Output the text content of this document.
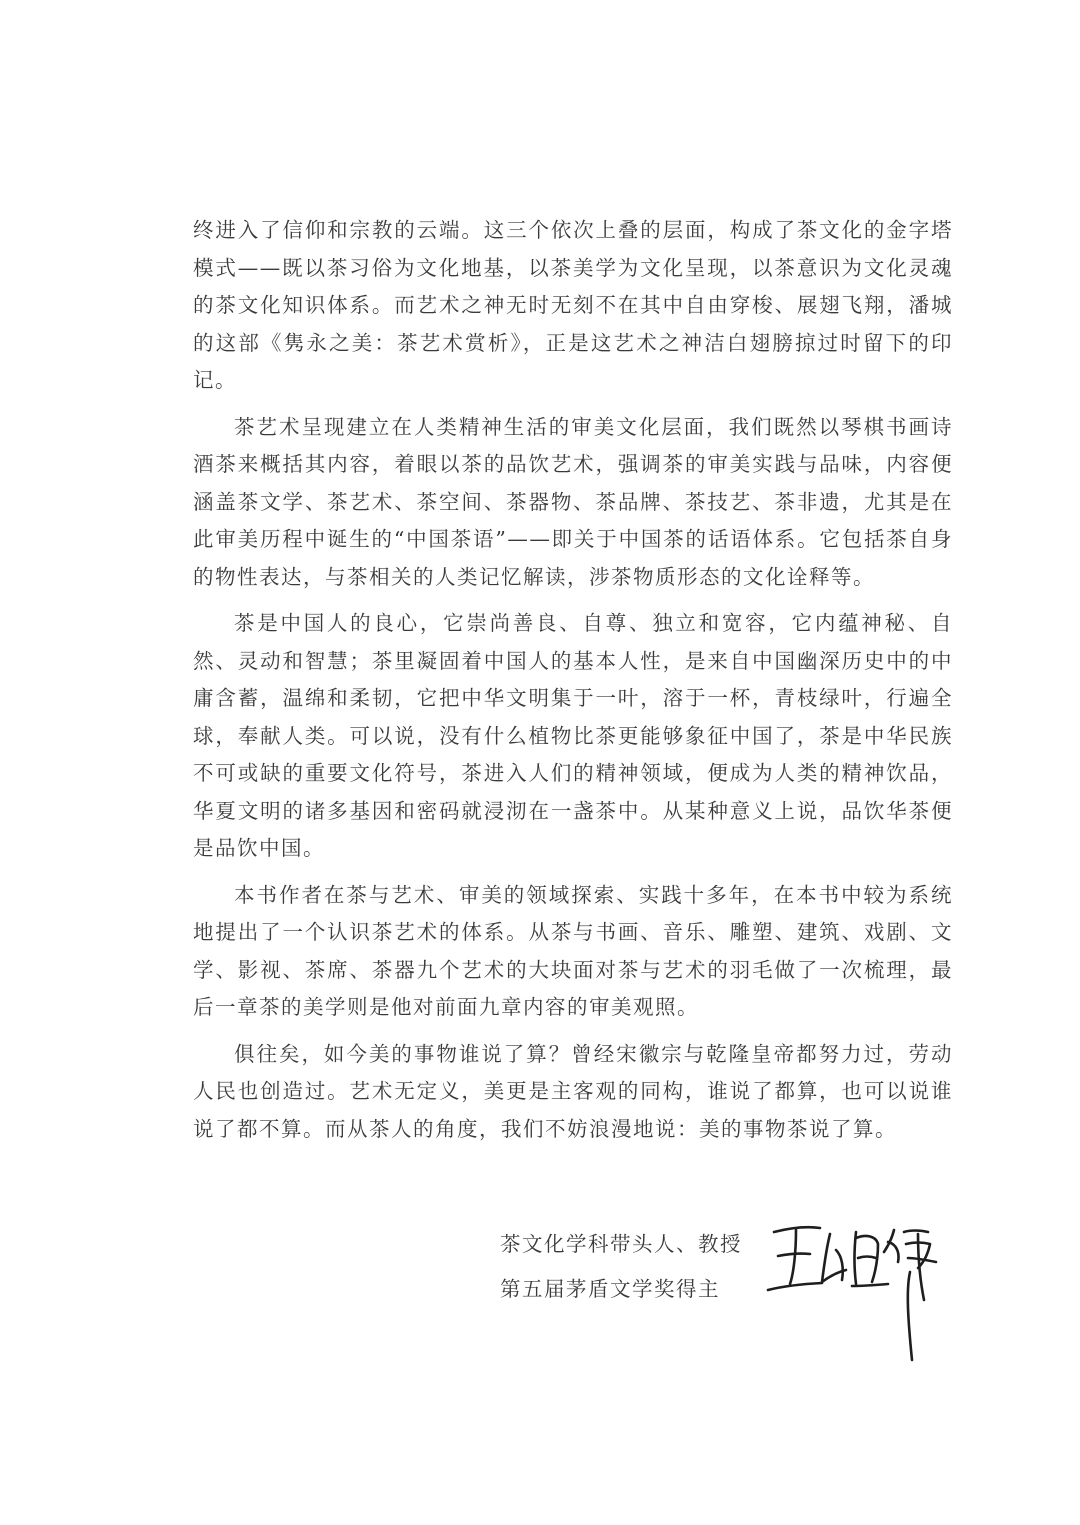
终进入了信仰和宗教的云端。这三个依次上叠的层面，构成了茶文化的金字塔模式——既以茶习俗为文化地基，以茶美学为文化呈现，以茶意识为文化灵魂的茶文化知识体系。而艺术之神无时无刻不在其中自由穿梭、展翅飞翔，潘城的这部《隽永之美：茶艺术赏析》，正是这艺术之神洁白翅膀掠过时留下的印记。

茶艺术呈现建立在人类精神生活的审美文化层面，我们既然以琴棋书画诗酒茶来概括其内容，着眼以茶的品饮艺术，强调茶的审美实践与品味，内容便涵盖茶文学、茶艺术、茶空间、茶器物、茶品牌、茶技艺、茶非遗，尤其是在此审美历程中诞生的“中国茶语”——即关于中国茶的话语体系。它包括茶自身的物性表达，与茶相关的人类记忆解读，涉茶物质形态的文化诠释等。

茶是中国人的良心，它崇尚善良、自尊、独立和宽容，它内蕴神秘、自然、灵动和智慧；茶里凝固着中国人的基本人性，是来自中国幽深历史中的中庸含蓄，温绵和柔韧，它把中华文明集于一叶，溶于一杯，青枝绿叶，行遍全球，奉献人类。可以说，没有什么植物比茶更能够象征中国了，茶是中华民族不可或缺的重要文化符号，茶进入人们的精神领域，便成为人类的精神饮品，华夏文明的诸多基因和密码就浸沏在一盏茶中。从某种意义上说，品饮华茶便是品饮中国。

本书作者在茶与艺术、审美的领域探索、实践十多年，在本书中较为系统地提出了一个认识茶艺术的体系。从茶与书画、音乐、雕塑、建筑、戏剧、文学、影视、茶席、茶器九个艺术的大块面对茶与艺术的羽毛做了一次梳理，最后一章茶的美学则是他对前面九章内容的审美观照。

俱往矣，如今美的事物谁说了算？曾经宋徽宗与乾隆皇帝都努力过，劳动人民也创造过。艺术无定义，美更是主客观的同构，谁说了都算，也可以说谁说了都不算。而从茶人的角度，我们不妨浪漫地说：美的事物茶说了算。

茶文化学科带头人、教授
第五届茅盾文学奖得主
